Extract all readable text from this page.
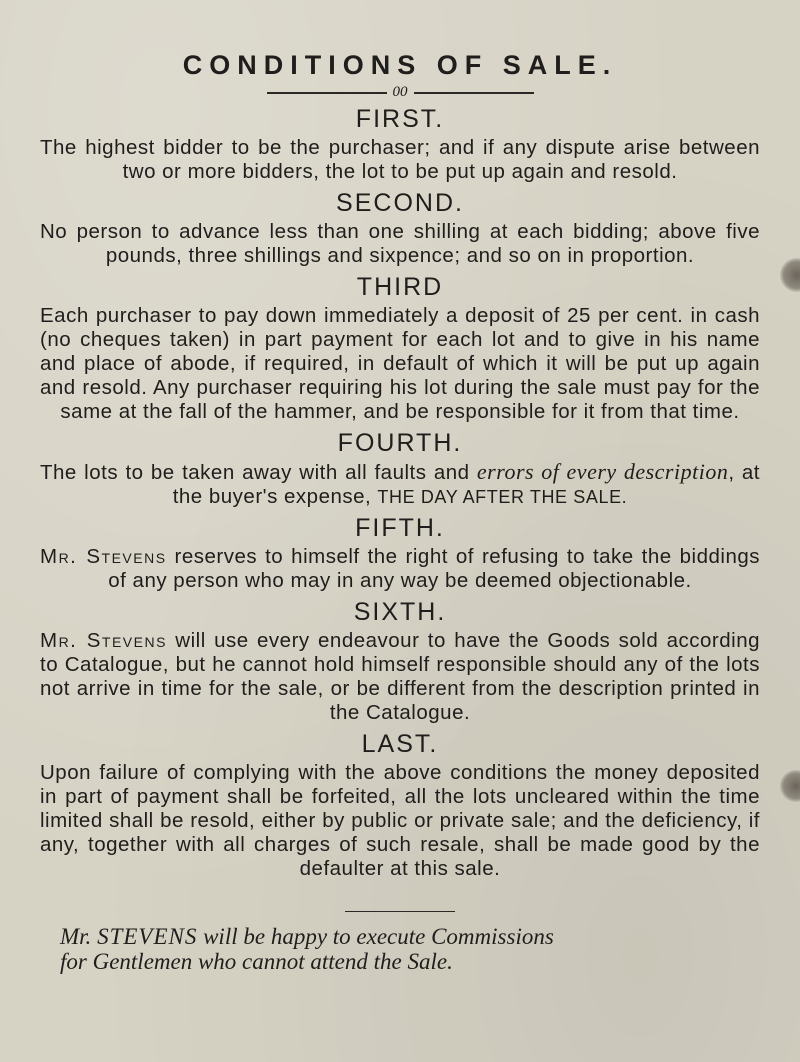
CONDITIONS OF SALE.
00
FIRST.

The highest bidder to be the purchaser; and if any dispute arise between two or more bidders, the lot to be put up again and resold.

SECOND.

No person to advance less than one shilling at each bidding; above five pounds, three shillings and sixpence; and so on in proportion.

THIRD

Each purchaser to pay down immediately a deposit of 25 per cent. in cash (no cheques taken) in part payment for each lot and to give in his name and place of abode, if required, in default of which it will be put up again and resold. Any purchaser requiring his lot during the sale must pay for the same at the fall of the hammer, and be responsible for it from that time.

FOURTH.

The lots to be taken away with all faults and errors of every description, at the buyer's expense, THE DAY AFTER THE SALE.

FIFTH.

Mr. Stevens reserves to himself the right of refusing to take the biddings of any person who may in any way be deemed objectionable.

SIXTH.

Mr. Stevens will use every endeavour to have the Goods sold according to Catalogue, but he cannot hold himself responsible should any of the lots not arrive in time for the sale, or be different from the description printed in the Catalogue.

LAST.

Upon failure of complying with the above conditions the money deposited in part of payment shall be forfeited, all the lots uncleared within the time limited shall be resold, either by public or private sale; and the deficiency, if any, together with all charges of such resale, shall be made good by the defaulter at this sale.

Mr. STEVENS will be happy to execute Commissions
for Gentlemen who cannot attend the Sale.
